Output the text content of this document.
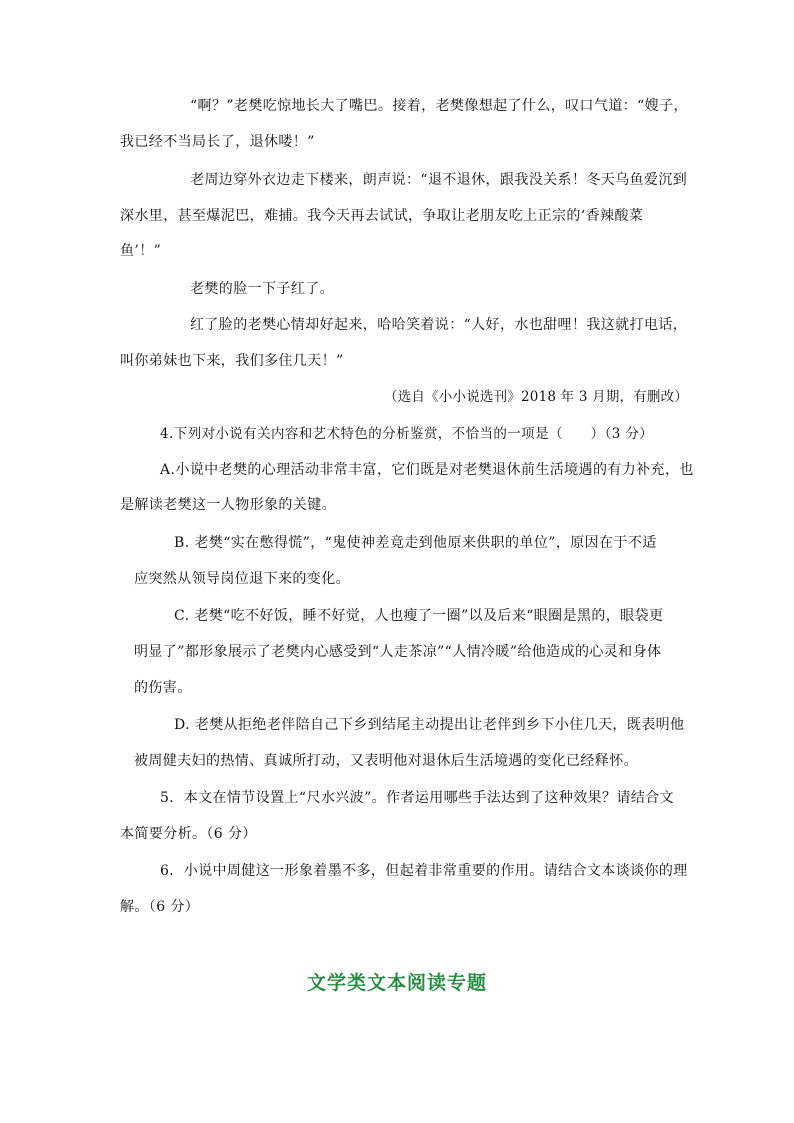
“啊？”老樊吃惊地长大了嘴巴。接着，老樊像想起了什么，叹口气道：“嫂子，
我已经不当局长了，退休喽！”
老周边穿外衣边走下楼来，朗声说：“退不退休，跟我没关系！冬天乌鱼爱沉到
深水里，甚至爆泥巴，难捕。我今天再去试试，争取让老朋友吃上正宗的‘香辣酸菜
鱼’！”
老樊的脸一下子红了。
红了脸的老樊心情却好起来，哈哈笑着说：“人好，水也甜哩！我这就打电话，
叫你弟妹也下来，我们多住几天！”
（选自《小小说选刊》2018 年 3 月期，有删改）
4.下列对小说有关内容和艺术特色的分析鉴赏，不恰当的一项是（　　）（3 分）
A.小说中老樊的心理活动非常丰富，它们既是对老樊退休前生活境遇的有力补充，也
是解读老樊这一人物形象的关键。
B. 老樊“实在憋得慌”，“鬼使神差竟走到他原来供职的单位”，原因在于不适
应突然从领导岗位退下来的变化。
C. 老樊“吃不好饭，睡不好觉，人也瘦了一圈”以及后来“眼圈是黑的，眼袋更
明显了”都形象展示了老樊内心感受到“人走茶凉”“人情冷暖”给他造成的心灵和身体
的伤害。
D. 老樊从拒绝老伴陪自己下乡到结尾主动提出让老伴到乡下小住几天，既表明他
被周健夫妇的热情、真诚所打动，又表明他对退休后生活境遇的变化已经释怀。
5．本文在情节设置上“尺水兴波”。作者运用哪些手法达到了这种效果？请结合文
本简要分析。（6 分）
6．小说中周健这一形象着墨不多，但起着非常重要的作用。请结合文本谈谈你的理
解。（6 分）
文学类文本阅读专题
